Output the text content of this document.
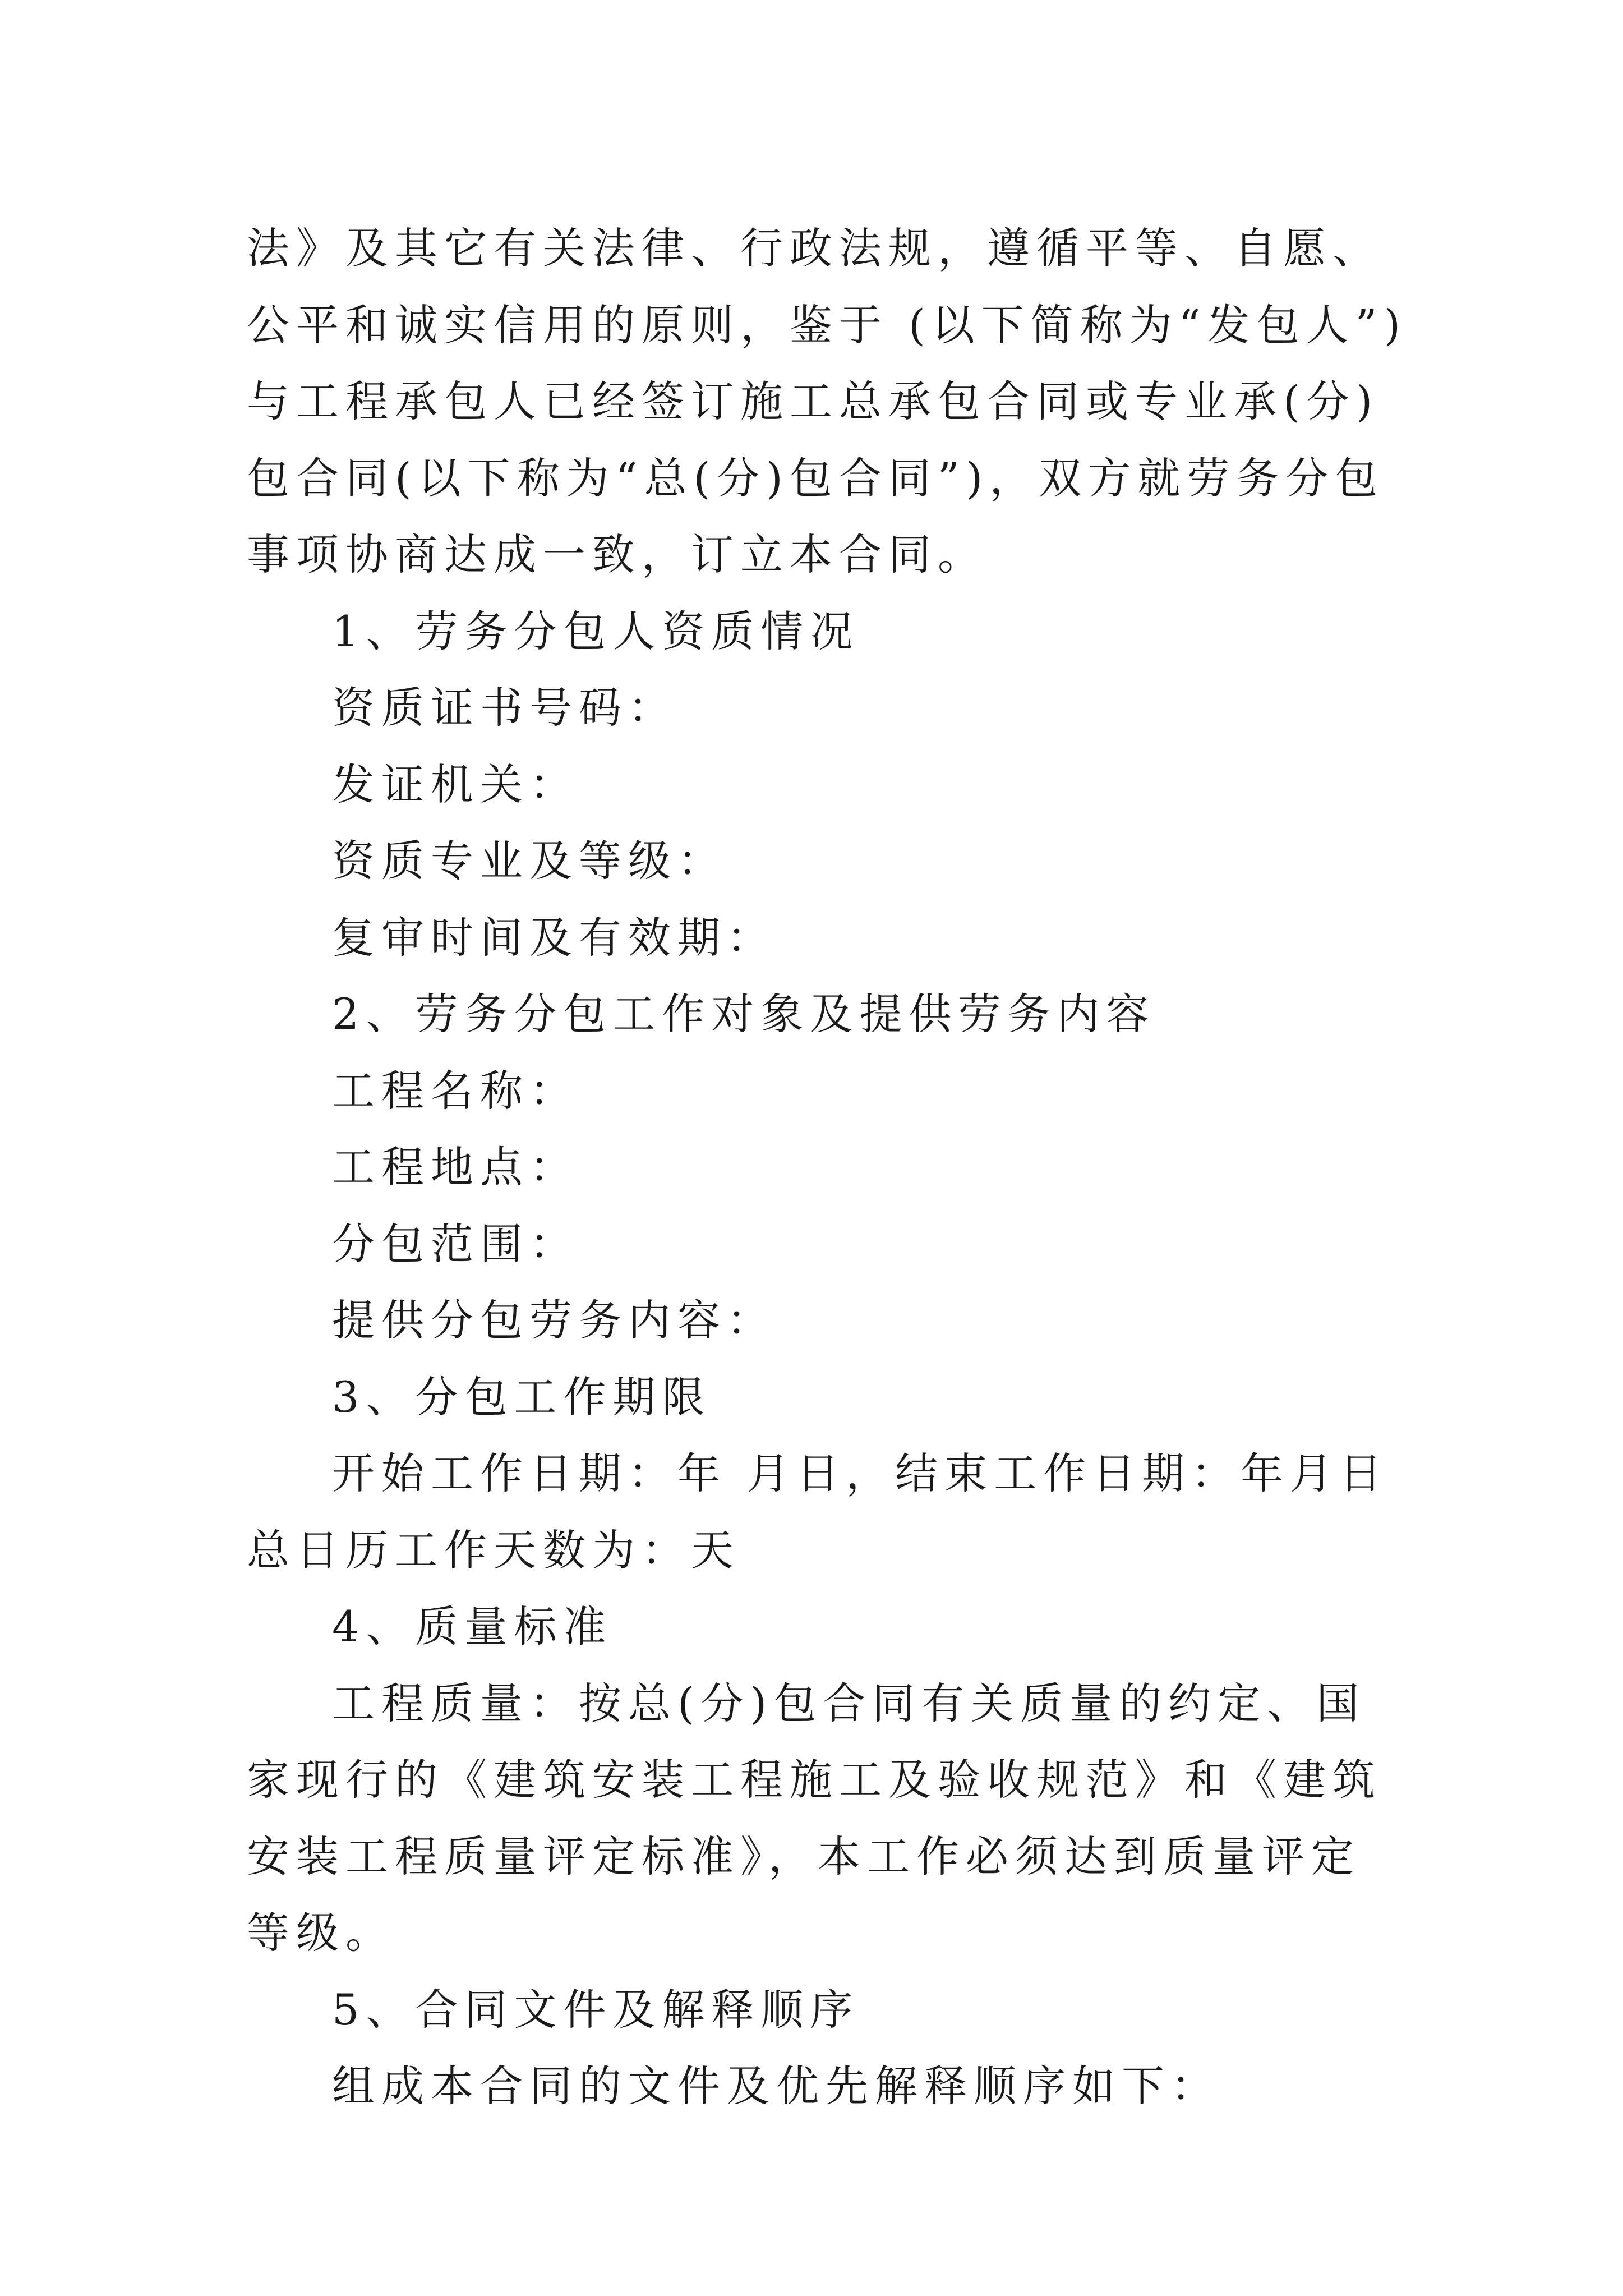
法》及其它有关法律、行政法规，遵循平等、自愿、公平和诚实信用的原则，鉴于 (以下简称为“发包人”)与工程承包人已经签订施工总承包合同或专业承(分)包合同(以下称为“总(分)包合同”)，双方就劳务分包事项协商达成一致，订立本合同。

1、劳务分包人资质情况

资质证书号码：

发证机关：

资质专业及等级：

复审时间及有效期：

2、劳务分包工作对象及提供劳务内容

工程名称：

工程地点：

分包范围：

提供分包劳务内容：

3、分包工作期限

开始工作日期：年 月日，结束工作日期：年月日总日历工作天数为：天

4、质量标准

工程质量：按总(分)包合同有关质量的约定、国家现行的《建筑安装工程施工及验收规范》和《建筑安装工程质量评定标准》，本工作必须达到质量评定 等级。

5、合同文件及解释顺序

组成本合同的文件及优先解释顺序如下：
